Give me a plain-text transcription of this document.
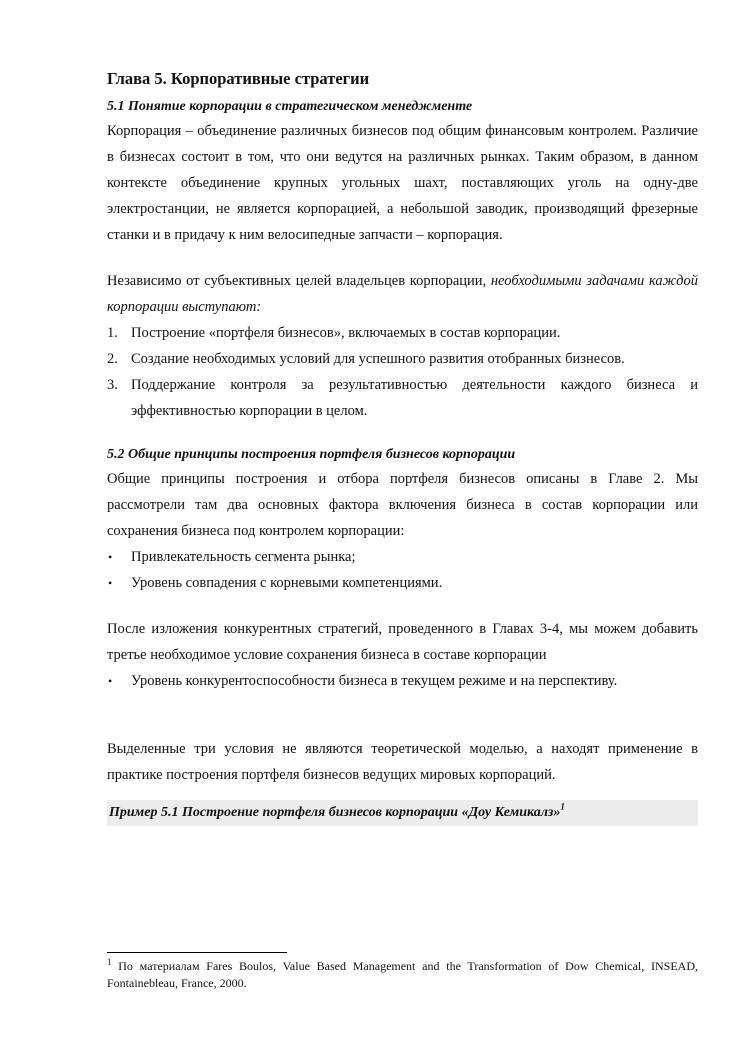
Глава 5. Корпоративные стратегии
5.1 Понятие корпорации в стратегическом менеджменте

Корпорация – объединение различных бизнесов под общим финансовым контролем. Различие в бизнесах состоит в том, что они ведутся на различных рынках. Таким образом, в данном контексте объединение крупных угольных шахт, поставляющих уголь на одну-две электростанции, не является корпорацией, а небольшой заводик, производящий фрезерные станки и в придачу к ним велосипедные запчасти – корпорация.

Независимо от субъективных целей владельцев корпорации, необходимыми задачами каждой корпорации выступают:

1. Построение «портфеля бизнесов», включаемых в состав корпорации.
2. Создание необходимых условий для успешного развития отобранных бизнесов.
3. Поддержание контроля за результативностью деятельности каждого бизнеса и эффективностью корпорации в целом.
5.2 Общие принципы построения портфеля бизнесов корпорации

Общие принципы построения и отбора портфеля бизнесов описаны в Главе 2. Мы рассмотрели там два основных фактора включения бизнеса в состав корпорации или сохранения бизнеса под контролем корпорации:

• Привлекательность сегмента рынка;
• Уровень совпадения с корневыми компетенциями.

После изложения конкурентных стратегий, проведенного в Главах 3-4, мы можем добавить третье необходимое условие сохранения бизнеса в составе корпорации

• Уровень конкурентоспособности бизнеса в текущем режиме и на перспективу.

Выделенные три условия не являются теоретической моделью, а находят применение в практике построения портфеля бизнесов ведущих мировых корпораций.

Пример 5.1 Построение портфеля бизнесов корпорации «Доу Кемикалз»$^1$
$^1$ По материалам Fares Boulos, Value Based Management and the Transformation of Dow Chemical, INSEAD, Fontainebleau, France, 2000.
